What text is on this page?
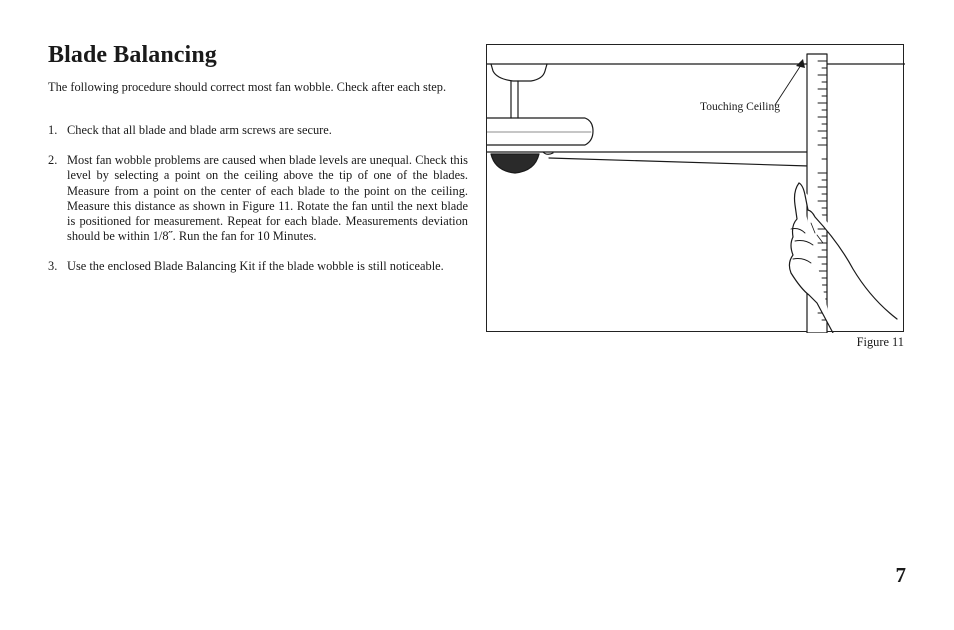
Blade Balancing

The following procedure should correct most fan wobble. Check after each step.

1. Check that all blade and blade arm screws are secure.
2. Most fan wobble problems are caused when blade levels are unequal. Check this level by selecting a point on the ceiling above the tip of one of the blades. Measure from a point on the center of each blade to the point on the ceiling. Measure this distance as shown in Figure 11. Rotate the fan until the next blade is positioned for measurement. Repeat for each blade. Measurements deviation should be within 1/8˝. Run the fan for 10 Minutes.
3. Use the enclosed Blade Balancing Kit if the blade wobble is still noticeable.
Touching Ceiling
Figure 11
7
